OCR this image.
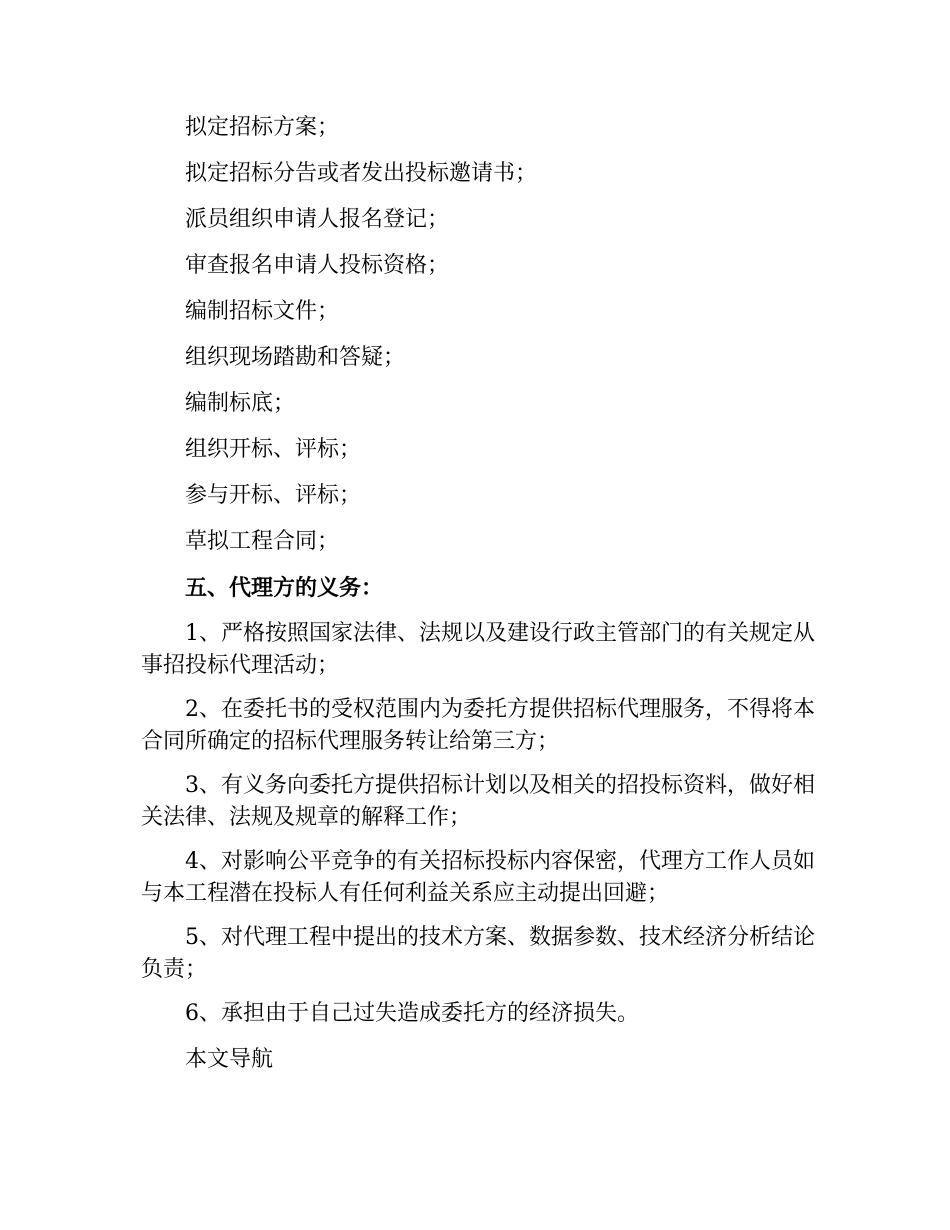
拟定招标方案；

拟定招标分告或者发出投标邀请书；

派员组织申请人报名登记；

审查报名申请人投标资格；

编制招标文件；

组织现场踏勘和答疑；

编制标底；

组织开标、评标；

参与开标、评标；

草拟工程合同；

五、代理方的义务：

1、严格按照国家法律、法规以及建设行政主管部门的有关规定从事招投标代理活动；

2、在委托书的受权范围内为委托方提供招标代理服务，不得将本合同所确定的招标代理服务转让给第三方；

3、有义务向委托方提供招标计划以及相关的招投标资料，做好相关法律、法规及规章的解释工作；

4、对影响公平竞争的有关招标投标内容保密，代理方工作人员如与本工程潜在投标人有任何利益关系应主动提出回避；

5、对代理工程中提出的技术方案、数据参数、技术经济分析结论负责；

6、承担由于自己过失造成委托方的经济损失。

本文导航
